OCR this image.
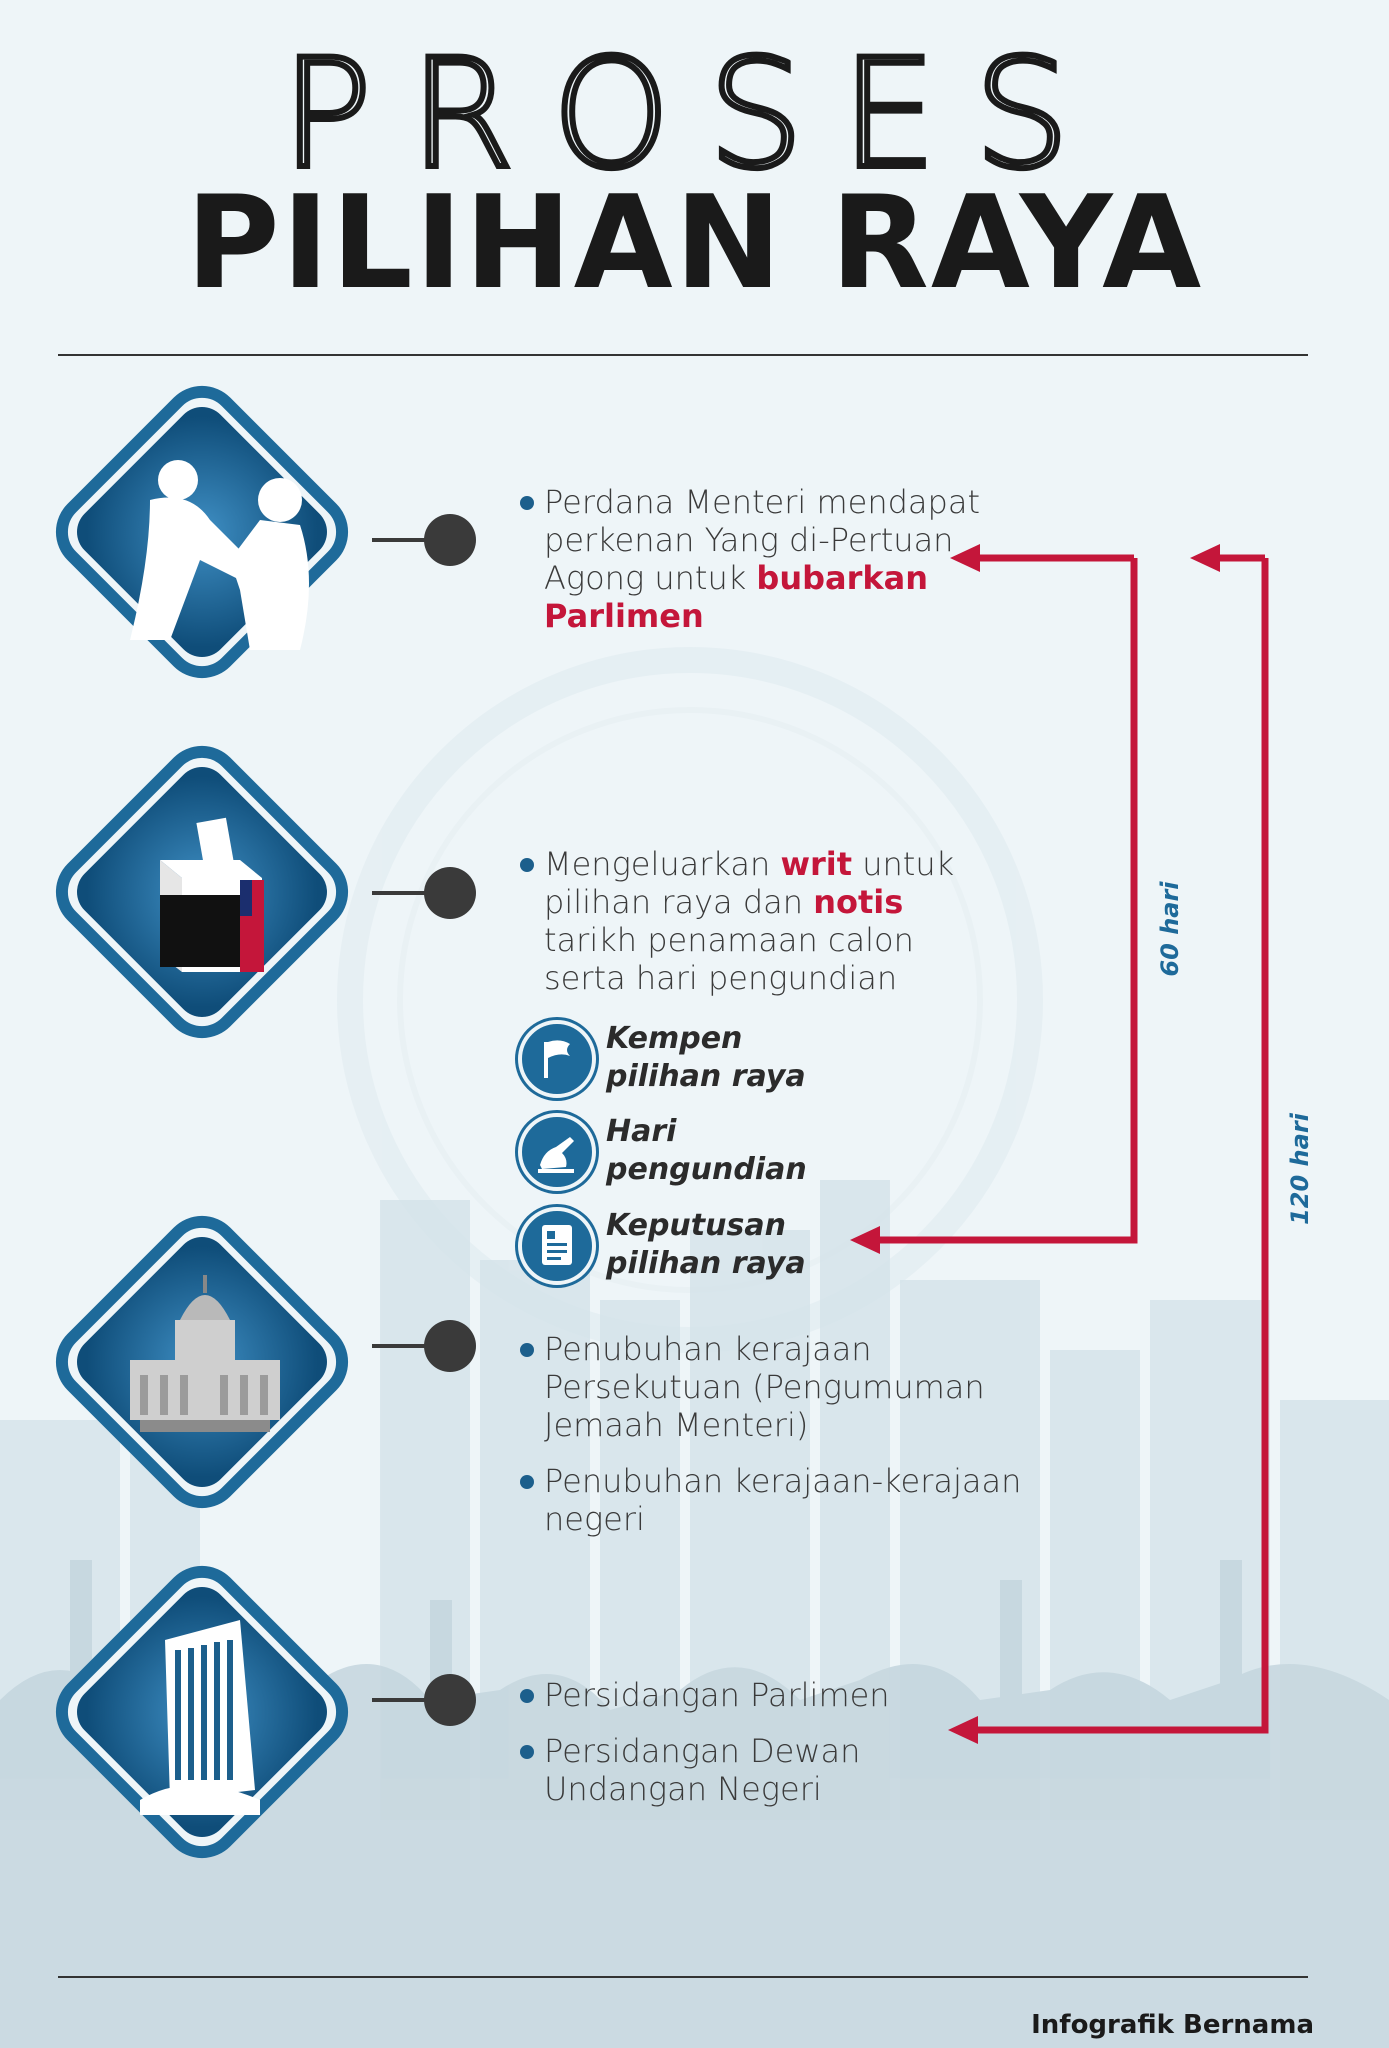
PROSES
PILIHAN RAYA
60 hari
120 hari
Perdana Menteri mendapat perkenan Yang di-Pertuan Agong untuk bubarkan Parlimen
Mengeluarkan writ untuk pilihan raya dan notis tarikh penamaan calon serta hari pengundian
Kempen pilihan raya
Hari pengundian
Keputusan pilihan raya
Penubuhan kerajaan Persekutuan (Pengumuman Jemaah Menteri)
Penubuhan kerajaan-kerajaan negeri
Persidangan Parlimen
Persidangan Dewan Undangan Negeri
Infografik Bernama
